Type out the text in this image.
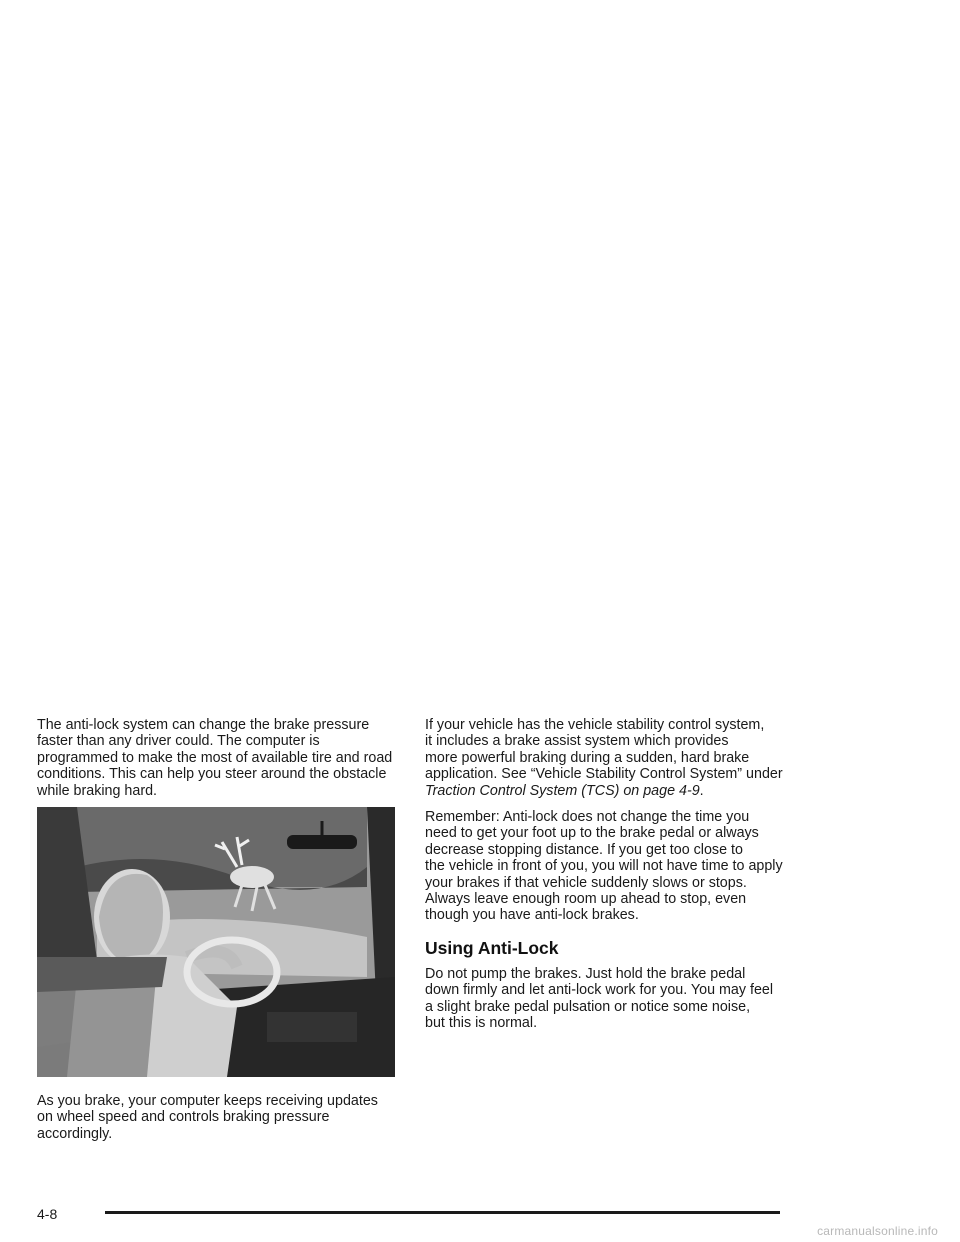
The anti-lock system can change the brake pressure
faster than any driver could. The computer is
programmed to make the most of available tire and road
conditions. This can help you steer around the obstacle
while braking hard.

As you brake, your computer keeps receiving updates
on wheel speed and controls braking pressure
accordingly.

If your vehicle has the vehicle stability control system,
it includes a brake assist system which provides
more powerful braking during a sudden, hard brake
application. See “Vehicle Stability Control System” under
Traction Control System (TCS) on page 4-9.

Remember: Anti-lock does not change the time you
need to get your foot up to the brake pedal or always
decrease stopping distance. If you get too close to
the vehicle in front of you, you will not have time to apply
your brakes if that vehicle suddenly slows or stops.
Always leave enough room up ahead to stop, even
though you have anti-lock brakes.

Using Anti-Lock

Do not pump the brakes. Just hold the brake pedal
down firmly and let anti-lock work for you. You may feel
a slight brake pedal pulsation or notice some noise,
but this is normal.

4-8
carmanualsonline.info
